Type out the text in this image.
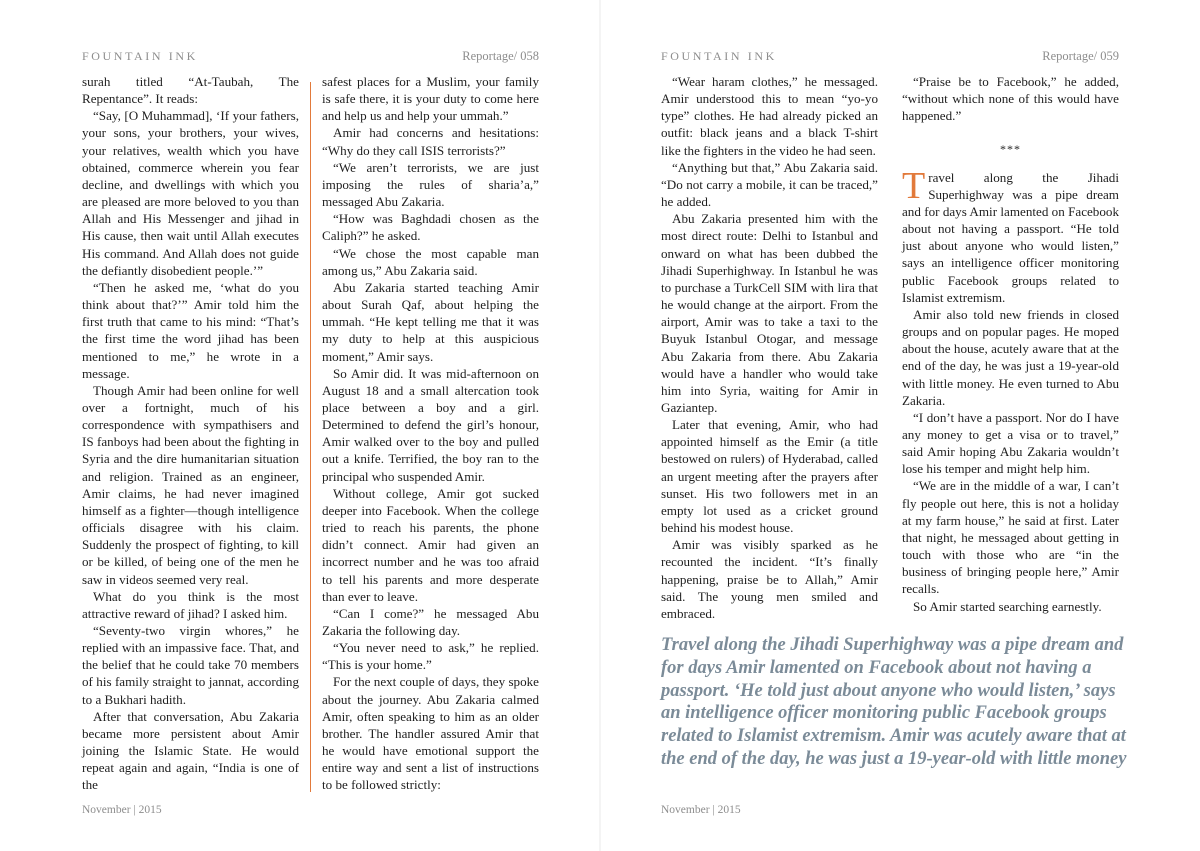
FOUNTAIN INK	Reportage/ 058

surah titled “At-Taubah, The Repentance”. It reads:

“Say, [O Muhammad], ‘If your fathers, your sons, your brothers, your wives, your relatives, wealth which you have obtained, commerce wherein you fear decline, and dwellings with which you are pleased are more beloved to you than Allah and His Messenger and jihad in His cause, then wait until Allah executes His command. And Allah does not guide the defiantly disobedient people.’”

“Then he asked me, ‘what do you think about that?’” Amir told him the first truth that came to his mind: “That’s the first time the word jihad has been mentioned to me,” he wrote in a message.

Though Amir had been online for well over a fortnight, much of his correspondence with sympathisers and IS fanboys had been about the fighting in Syria and the dire humanitarian situation and religion. Trained as an engineer, Amir claims, he had never imagined himself as a fighter—though intelligence officials disagree with his claim. Suddenly the prospect of fighting, to kill or be killed, of being one of the men he saw in videos seemed very real.

What do you think is the most attractive reward of jihad? I asked him.

“Seventy-two virgin whores,” he replied with an impassive face. That, and the belief that he could take 70 members of his family straight to jannat, according to a Bukhari hadith.

After that conversation, Abu Zakaria became more persistent about Amir joining the Islamic State. He would repeat again and again, “India is one of the

safest places for a Muslim, your family is safe there, it is your duty to come here and help us and help your ummah.”

Amir had concerns and hesitations: “Why do they call ISIS terrorists?”

“We aren’t terrorists, we are just imposing the rules of sharia’a,” messaged Abu Zakaria.

“How was Baghdadi chosen as the Caliph?” he asked.

“We chose the most capable man among us,” Abu Zakaria said.

Abu Zakaria started teaching Amir about Surah Qaf, about helping the ummah. “He kept telling me that it was my duty to help at this auspicious moment,” Amir says.

So Amir did. It was mid-afternoon on August 18 and a small altercation took place between a boy and a girl. Determined to defend the girl’s honour, Amir walked over to the boy and pulled out a knife. Terrified, the boy ran to the principal who suspended Amir.

Without college, Amir got sucked deeper into Facebook. When the college tried to reach his parents, the phone didn’t connect. Amir had given an incorrect number and he was too afraid to tell his parents and more desperate than ever to leave.

“Can I come?” he messaged Abu Zakaria the following day.

“You never need to ask,” he replied. “This is your home.”

For the next couple of days, they spoke about the journey. Abu Zakaria calmed Amir, often speaking to him as an older brother. The handler assured Amir that he would have emotional support the entire way and sent a list of instructions to be followed strictly:

November | 2015
FOUNTAIN INK	Reportage/ 059

“Wear haram clothes,” he messaged. Amir understood this to mean “yo-yo type” clothes. He had already picked an outfit: black jeans and a black T-shirt like the fighters in the video he had seen.

“Anything but that,” Abu Zakaria said. “Do not carry a mobile, it can be traced,” he added.

Abu Zakaria presented him with the most direct route: Delhi to Istanbul and onward on what has been dubbed the Jihadi Superhighway. In Istanbul he was to purchase a TurkCell SIM with lira that he would change at the airport. From the airport, Amir was to take a taxi to the Buyuk Istanbul Otogar, and message Abu Zakaria from there. Abu Zakaria would have a handler who would take him into Syria, waiting for Amir in Gaziantep.

Later that evening, Amir, who had appointed himself as the Emir (a title bestowed on rulers) of Hyderabad, called an urgent meeting after the prayers after sunset. His two followers met in an empty lot used as a cricket ground behind his modest house.

Amir was visibly sparked as he recounted the incident. “It’s finally happening, praise be to Allah,” Amir said. The young men smiled and embraced.

“Praise be to Facebook,” he added, “without which none of this would have happened.”

***

Travel along the Jihadi Superhighway was a pipe dream and for days Amir lamented on Facebook about not having a passport. “He told just about anyone who would listen,” says an intelligence officer monitoring public Facebook groups related to Islamist extremism.

Amir also told new friends in closed groups and on popular pages. He moped about the house, acutely aware that at the end of the day, he was just a 19-year-old with little money. He even turned to Abu Zakaria.

“I don’t have a passport. Nor do I have any money to get a visa or to travel,” said Amir hoping Abu Zakaria wouldn’t lose his temper and might help him.

“We are in the middle of a war, I can’t fly people out here, this is not a holiday at my farm house,” he said at first. Later that night, he messaged about getting in touch with those who are “in the business of bringing people here,” Amir recalls.

So Amir started searching earnestly.

Travel along the Jihadi Superhighway was a pipe dream and for days Amir lamented on Facebook about not having a passport. ‘He told just about anyone who would listen,’ says an intelligence officer monitoring public Facebook groups related to Islamist extremism. Amir was acutely aware that at the end of the day, he was just a 19-year-old with little money
November | 2015
